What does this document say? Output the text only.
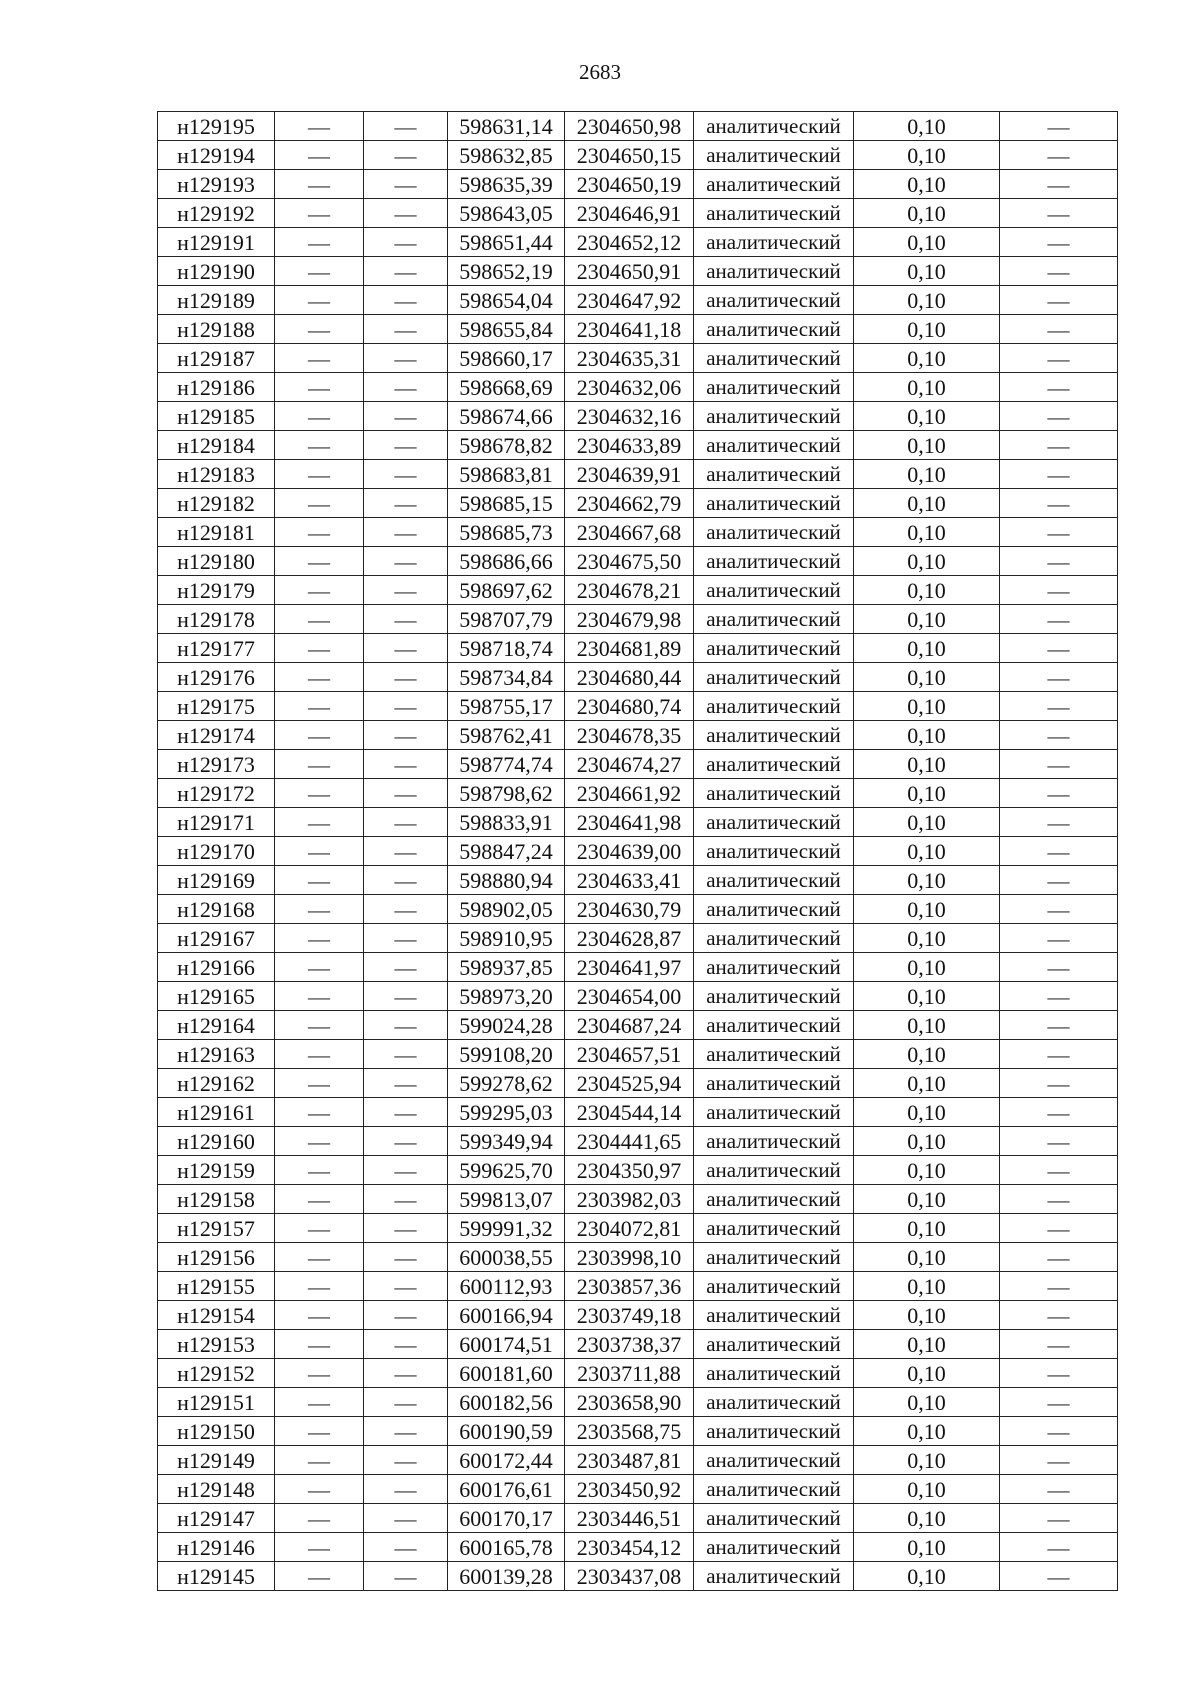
2683
н129195	—	—	598631,14	2304650,98	аналитический	0,10	—
н129194	—	—	598632,85	2304650,15	аналитический	0,10	—
н129193	—	—	598635,39	2304650,19	аналитический	0,10	—
н129192	—	—	598643,05	2304646,91	аналитический	0,10	—
н129191	—	—	598651,44	2304652,12	аналитический	0,10	—
н129190	—	—	598652,19	2304650,91	аналитический	0,10	—
н129189	—	—	598654,04	2304647,92	аналитический	0,10	—
н129188	—	—	598655,84	2304641,18	аналитический	0,10	—
н129187	—	—	598660,17	2304635,31	аналитический	0,10	—
н129186	—	—	598668,69	2304632,06	аналитический	0,10	—
н129185	—	—	598674,66	2304632,16	аналитический	0,10	—
н129184	—	—	598678,82	2304633,89	аналитический	0,10	—
н129183	—	—	598683,81	2304639,91	аналитический	0,10	—
н129182	—	—	598685,15	2304662,79	аналитический	0,10	—
н129181	—	—	598685,73	2304667,68	аналитический	0,10	—
н129180	—	—	598686,66	2304675,50	аналитический	0,10	—
н129179	—	—	598697,62	2304678,21	аналитический	0,10	—
н129178	—	—	598707,79	2304679,98	аналитический	0,10	—
н129177	—	—	598718,74	2304681,89	аналитический	0,10	—
н129176	—	—	598734,84	2304680,44	аналитический	0,10	—
н129175	—	—	598755,17	2304680,74	аналитический	0,10	—
н129174	—	—	598762,41	2304678,35	аналитический	0,10	—
н129173	—	—	598774,74	2304674,27	аналитический	0,10	—
н129172	—	—	598798,62	2304661,92	аналитический	0,10	—
н129171	—	—	598833,91	2304641,98	аналитический	0,10	—
н129170	—	—	598847,24	2304639,00	аналитический	0,10	—
н129169	—	—	598880,94	2304633,41	аналитический	0,10	—
н129168	—	—	598902,05	2304630,79	аналитический	0,10	—
н129167	—	—	598910,95	2304628,87	аналитический	0,10	—
н129166	—	—	598937,85	2304641,97	аналитический	0,10	—
н129165	—	—	598973,20	2304654,00	аналитический	0,10	—
н129164	—	—	599024,28	2304687,24	аналитический	0,10	—
н129163	—	—	599108,20	2304657,51	аналитический	0,10	—
н129162	—	—	599278,62	2304525,94	аналитический	0,10	—
н129161	—	—	599295,03	2304544,14	аналитический	0,10	—
н129160	—	—	599349,94	2304441,65	аналитический	0,10	—
н129159	—	—	599625,70	2304350,97	аналитический	0,10	—
н129158	—	—	599813,07	2303982,03	аналитический	0,10	—
н129157	—	—	599991,32	2304072,81	аналитический	0,10	—
н129156	—	—	600038,55	2303998,10	аналитический	0,10	—
н129155	—	—	600112,93	2303857,36	аналитический	0,10	—
н129154	—	—	600166,94	2303749,18	аналитический	0,10	—
н129153	—	—	600174,51	2303738,37	аналитический	0,10	—
н129152	—	—	600181,60	2303711,88	аналитический	0,10	—
н129151	—	—	600182,56	2303658,90	аналитический	0,10	—
н129150	—	—	600190,59	2303568,75	аналитический	0,10	—
н129149	—	—	600172,44	2303487,81	аналитический	0,10	—
н129148	—	—	600176,61	2303450,92	аналитический	0,10	—
н129147	—	—	600170,17	2303446,51	аналитический	0,10	—
н129146	—	—	600165,78	2303454,12	аналитический	0,10	—
н129145	—	—	600139,28	2303437,08	аналитический	0,10	—
